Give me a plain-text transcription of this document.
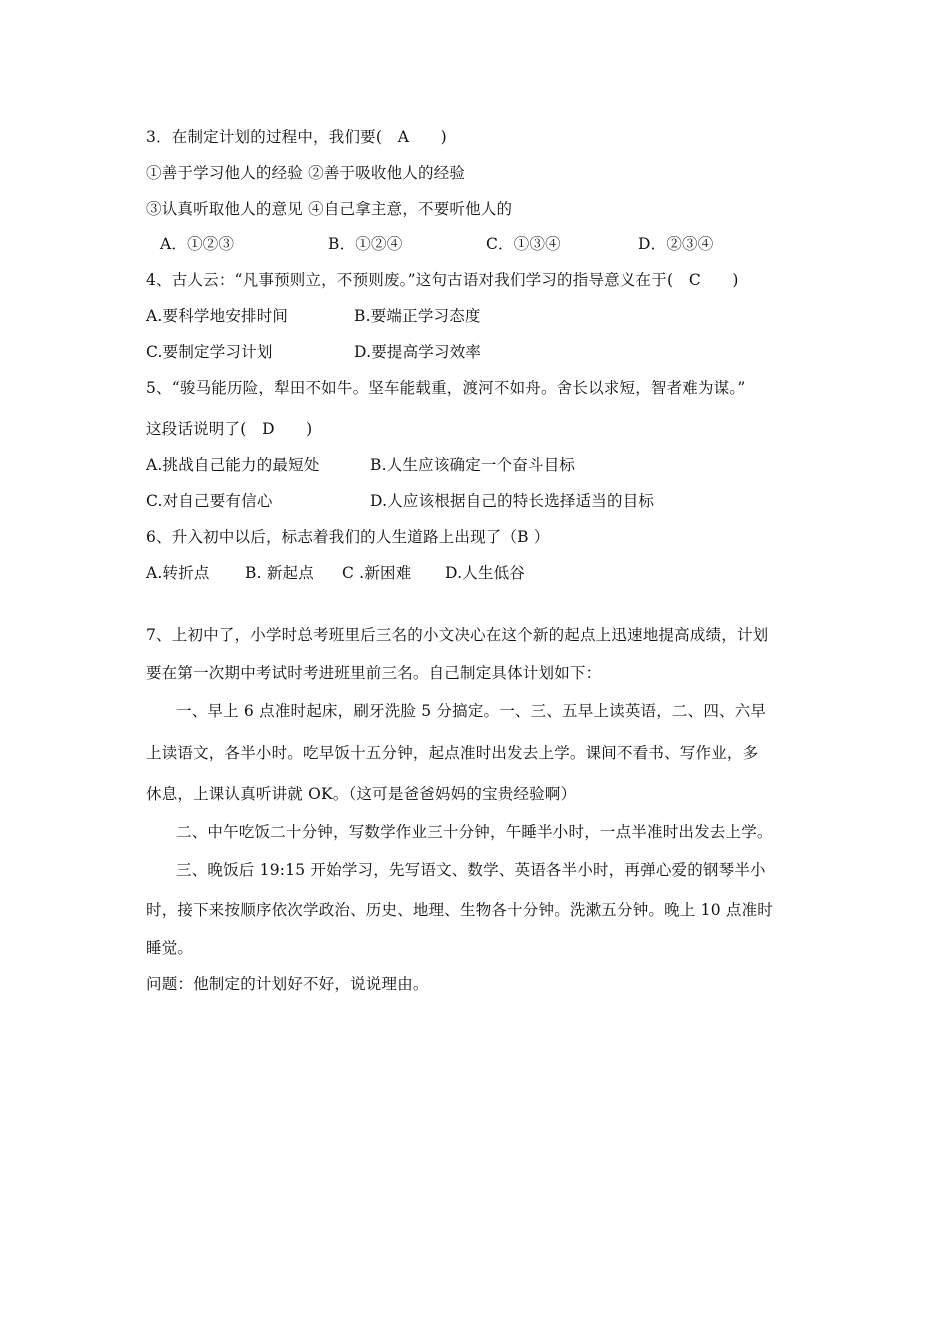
3．在制定计划的过程中，我们要(　A　　)
①善于学习他人的经验 ②善于吸收他人的经验
③认真听取他人的意见 ④自己拿主意，不要听他人的
A．①②③	B．①②④	C．①③④	D．②③④
4、古人云：“凡事预则立，不预则废。”这句古语对我们学习的指导意义在于(　C　　)
A.要科学地安排时间	B.要端正学习态度
C.要制定学习计划	D.要提高学习效率
5、“骏马能历险，犁田不如牛。坚车能载重，渡河不如舟。舍长以求短，智者难为谋。”
这段话说明了(　D　　)
A.挑战自己能力的最短处	B.人生应该确定一个奋斗目标
C.对自己要有信心	D.人应该根据自己的特长选择适当的目标
6、升入初中以后，标志着我们的人生道路上出现了（B ）
A.转折点 B. 新起点 C .新困难 D.人生低谷
7、上初中了，小学时总考班里后三名的小文决心在这个新的起点上迅速地提高成绩，计划
要在第一次期中考试时考进班里前三名。自己制定具体计划如下：
一、早上 6 点准时起床，刷牙洗脸 5 分搞定。一、三、五早上读英语，二、四、六早
上读语文，各半小时。吃早饭十五分钟，起点准时出发去上学。课间不看书、写作业，多
休息，上课认真听讲就 OK。（这可是爸爸妈妈的宝贵经验啊）
二、中午吃饭二十分钟，写数学作业三十分钟，午睡半小时，一点半准时出发去上学。
三、晚饭后 19:15 开始学习，先写语文、数学、英语各半小时，再弹心爱的钢琴半小
时，接下来按顺序依次学政治、历史、地理、生物各十分钟。洗漱五分钟。晚上 10 点准时
睡觉。
问题：他制定的计划好不好，说说理由。
